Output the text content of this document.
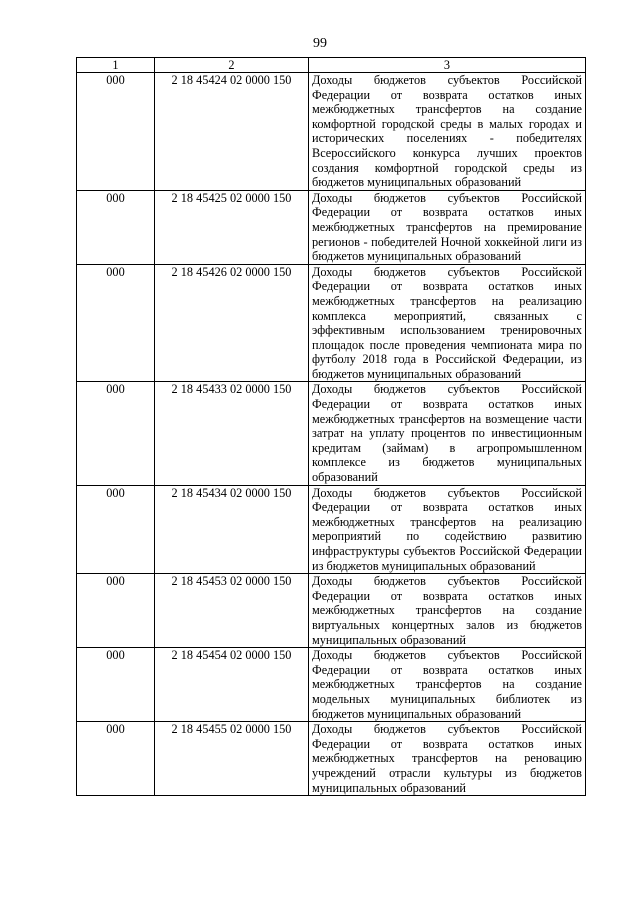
99
1	2	3
000	2 18 45424 02 0000 150	Доходы бюджетов субъектов Российской Федерации от возврата остатков иных межбюджетных трансфертов на создание комфортной городской среды в малых городах и исторических поселениях - победителях Всероссийского конкурса лучших проектов создания комфортной городской среды из бюджетов муниципальных образований
000	2 18 45425 02 0000 150	Доходы бюджетов субъектов Российской Федерации от возврата остатков иных межбюджетных трансфертов на премирование регионов - победителей Ночной хоккейной лиги из бюджетов муниципальных образований
000	2 18 45426 02 0000 150	Доходы бюджетов субъектов Российской Федерации от возврата остатков иных межбюджетных трансфертов на реализацию комплекса мероприятий, связанных с эффективным использованием тренировочных площадок после проведения чемпионата мира по футболу 2018 года в Российской Федерации, из бюджетов муниципальных образований
000	2 18 45433 02 0000 150	Доходы бюджетов субъектов Российской Федерации от возврата остатков иных межбюджетных трансфертов на возмещение части затрат на уплату процентов по инвестиционным кредитам (займам) в агропромышленном комплексе из бюджетов муниципальных образований
000	2 18 45434 02 0000 150	Доходы бюджетов субъектов Российской Федерации от возврата остатков иных межбюджетных трансфертов на реализацию мероприятий по содействию развитию инфраструктуры субъектов Российской Федерации из бюджетов муниципальных образований
000	2 18 45453 02 0000 150	Доходы бюджетов субъектов Российской Федерации от возврата остатков иных межбюджетных трансфертов на создание виртуальных концертных залов из бюджетов муниципальных образований
000	2 18 45454 02 0000 150	Доходы бюджетов субъектов Российской Федерации от возврата остатков иных межбюджетных трансфертов на создание модельных муниципальных библиотек из бюджетов муниципальных образований
000	2 18 45455 02 0000 150	Доходы бюджетов субъектов Российской Федерации от возврата остатков иных межбюджетных трансфертов на реновацию учреждений отрасли культуры из бюджетов муниципальных образований
